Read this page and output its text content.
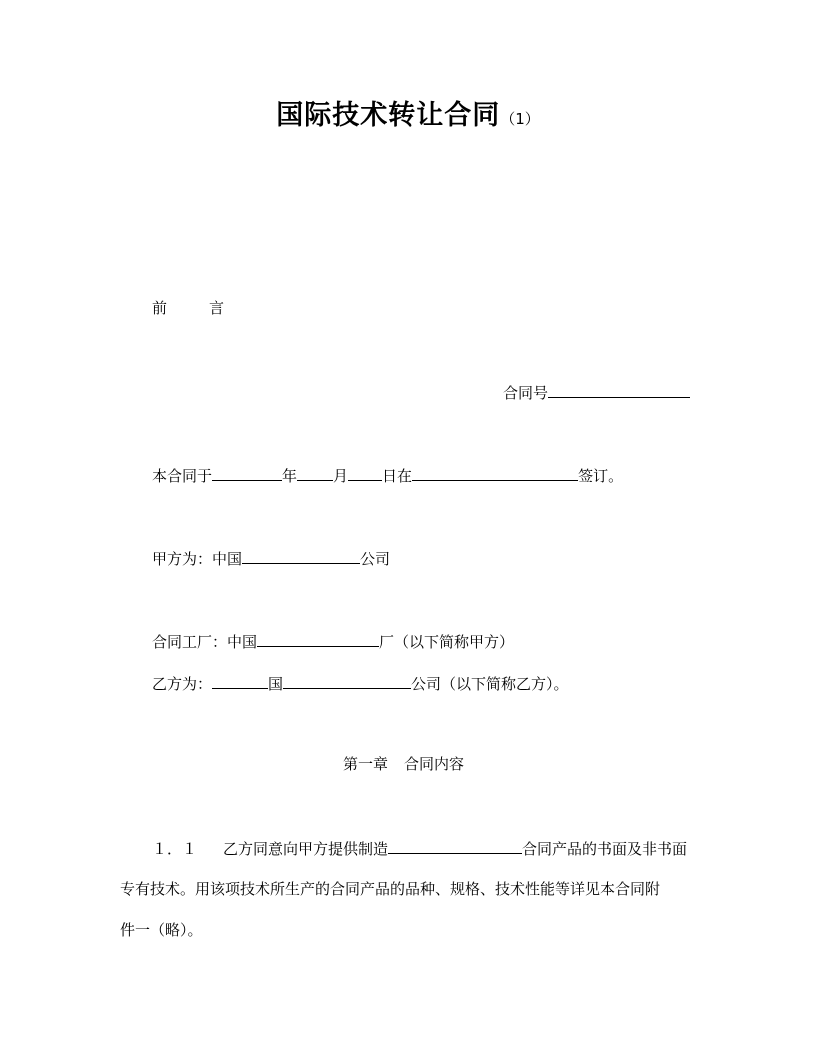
国际技术转让合同（1）
前	言
合同号
本合同于	年 月 日在	签订。
甲方为：中国	公司
合同工厂：中国	厂（以下简称甲方）
乙方为：	国	公司（以下简称乙方）。
第一章 合同内容
１．１ 乙方同意向甲方提供制造	合同产品的书面及非书面
专有技术。用该项技术所生产的合同产品的品种、规格、技术性能等详见本合同附
件一（略）。
